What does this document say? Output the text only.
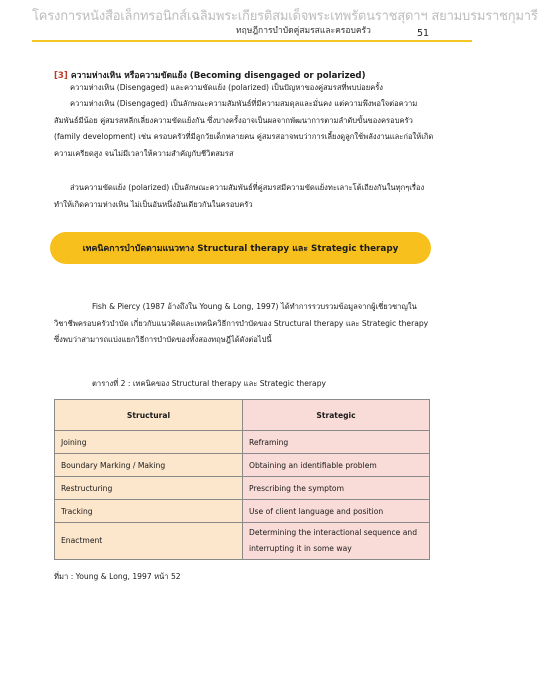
โครงการหนังสือเล็กทรอนิกส์เฉลิมพระเกียรติสมเด็จพระเทพรัตนราชสุดาฯ สยามบรมราชกุมารี
ทฤษฎีการบำบัดคู่สมรสและครอบครัว	51
[3] ความห่างเหิน หรือความขัดแย้ง (Becoming disengaged or polarized)
ความห่างเหิน (Disengaged) และความขัดแย้ง (polarized) เป็นปัญหาของคู่สมรสที่พบบ่อยครั้ง
ความห่างเหิน (Disengaged) เป็นลักษณะความสัมพันธ์ที่มีความสมดุลและมั่นคง แต่ความพึงพอใจต่อความสัมพันธ์มีน้อย คู่สมรสหลีกเลี่ยงความขัดแย้งกัน ซึ่งบางครั้งอาจเป็นผลจากพัฒนาการตามลำดับขั้นของครอบครัว (family development) เช่น ครอบครัวที่มีลูกวัยเด็กหลายคน คู่สมรสอาจพบว่าการเลี้ยงดูลูกใช้พลังงานและก่อให้เกิดความเครียดสูง จนไม่มีเวลาให้ความสำคัญกับชีวิตสมรส
ส่วนความขัดแย้ง (polarized) เป็นลักษณะความสัมพันธ์ที่คู่สมรสมีความขัดแย้งทะเลาะโต้เถียงกันในทุกๆเรื่อง ทำให้เกิดความห่างเหิน ไม่เป็นอันหนึ่งอันเดียวกันในครอบครัว
เทคนิคการบำบัดตามแนวทาง Structural therapy และ Strategic therapy
Fish & Piercy (1987 อ้างถึงใน Young & Long, 1997) ได้ทำการรวบรวมข้อมูลจากผู้เชี่ยวชาญในวิชาชีพครอบครัวบำบัด เกี่ยวกับแนวคิดและเทคนิควิธีการบำบัดของ Structural therapy และ Strategic therapy ซึ่งพบว่าสามารถแบ่งแยกวิธีการบำบัดของทั้งสองทฤษฎีได้ดังต่อไปนี้
ตารางที่ 2 : เทคนิคของ Structural therapy และ Strategic therapy
Structural	Strategic
Joining	Reframing
Boundary Marking / Making	Obtaining an identifiable problem
Restructuring	Prescribing the symptom
Tracking	Use of client language and position
Enactment	Determining the interactional sequence and interrupting it in some way
ที่มา : Young & Long, 1997 หน้า 52
